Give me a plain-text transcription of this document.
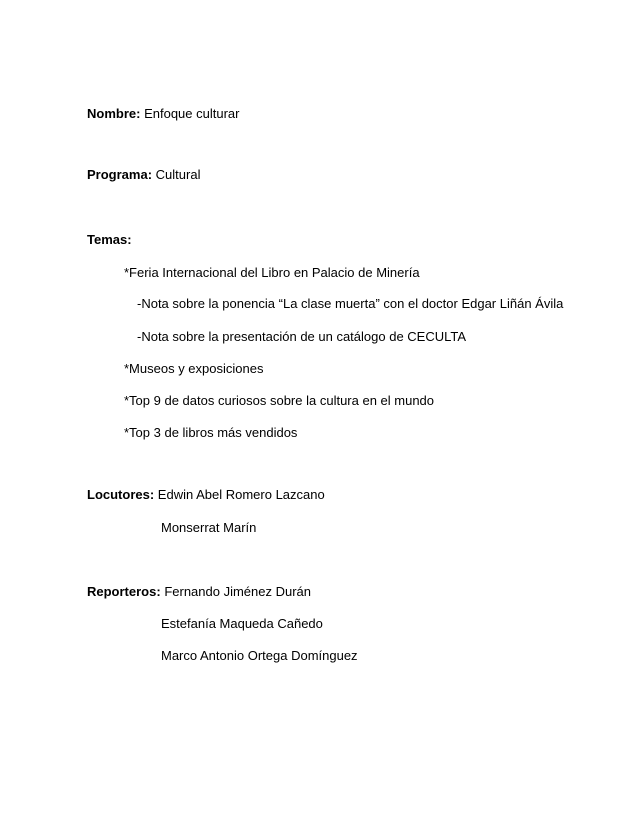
Nombre: Enfoque culturar
Programa: Cultural
Temas:
*Feria Internacional del Libro en Palacio de Minería
-Nota sobre la ponencia “La clase muerta” con el doctor Edgar Liñán Ávila
-Nota sobre la presentación de un catálogo de CECULTA
*Museos y exposiciones
*Top 9 de datos curiosos sobre la cultura en el mundo
*Top 3 de libros más vendidos
Locutores: Edwin Abel Romero Lazcano
Monserrat Marín
Reporteros: Fernando Jiménez Durán
Estefanía Maqueda Cañedo
Marco Antonio Ortega Domínguez
